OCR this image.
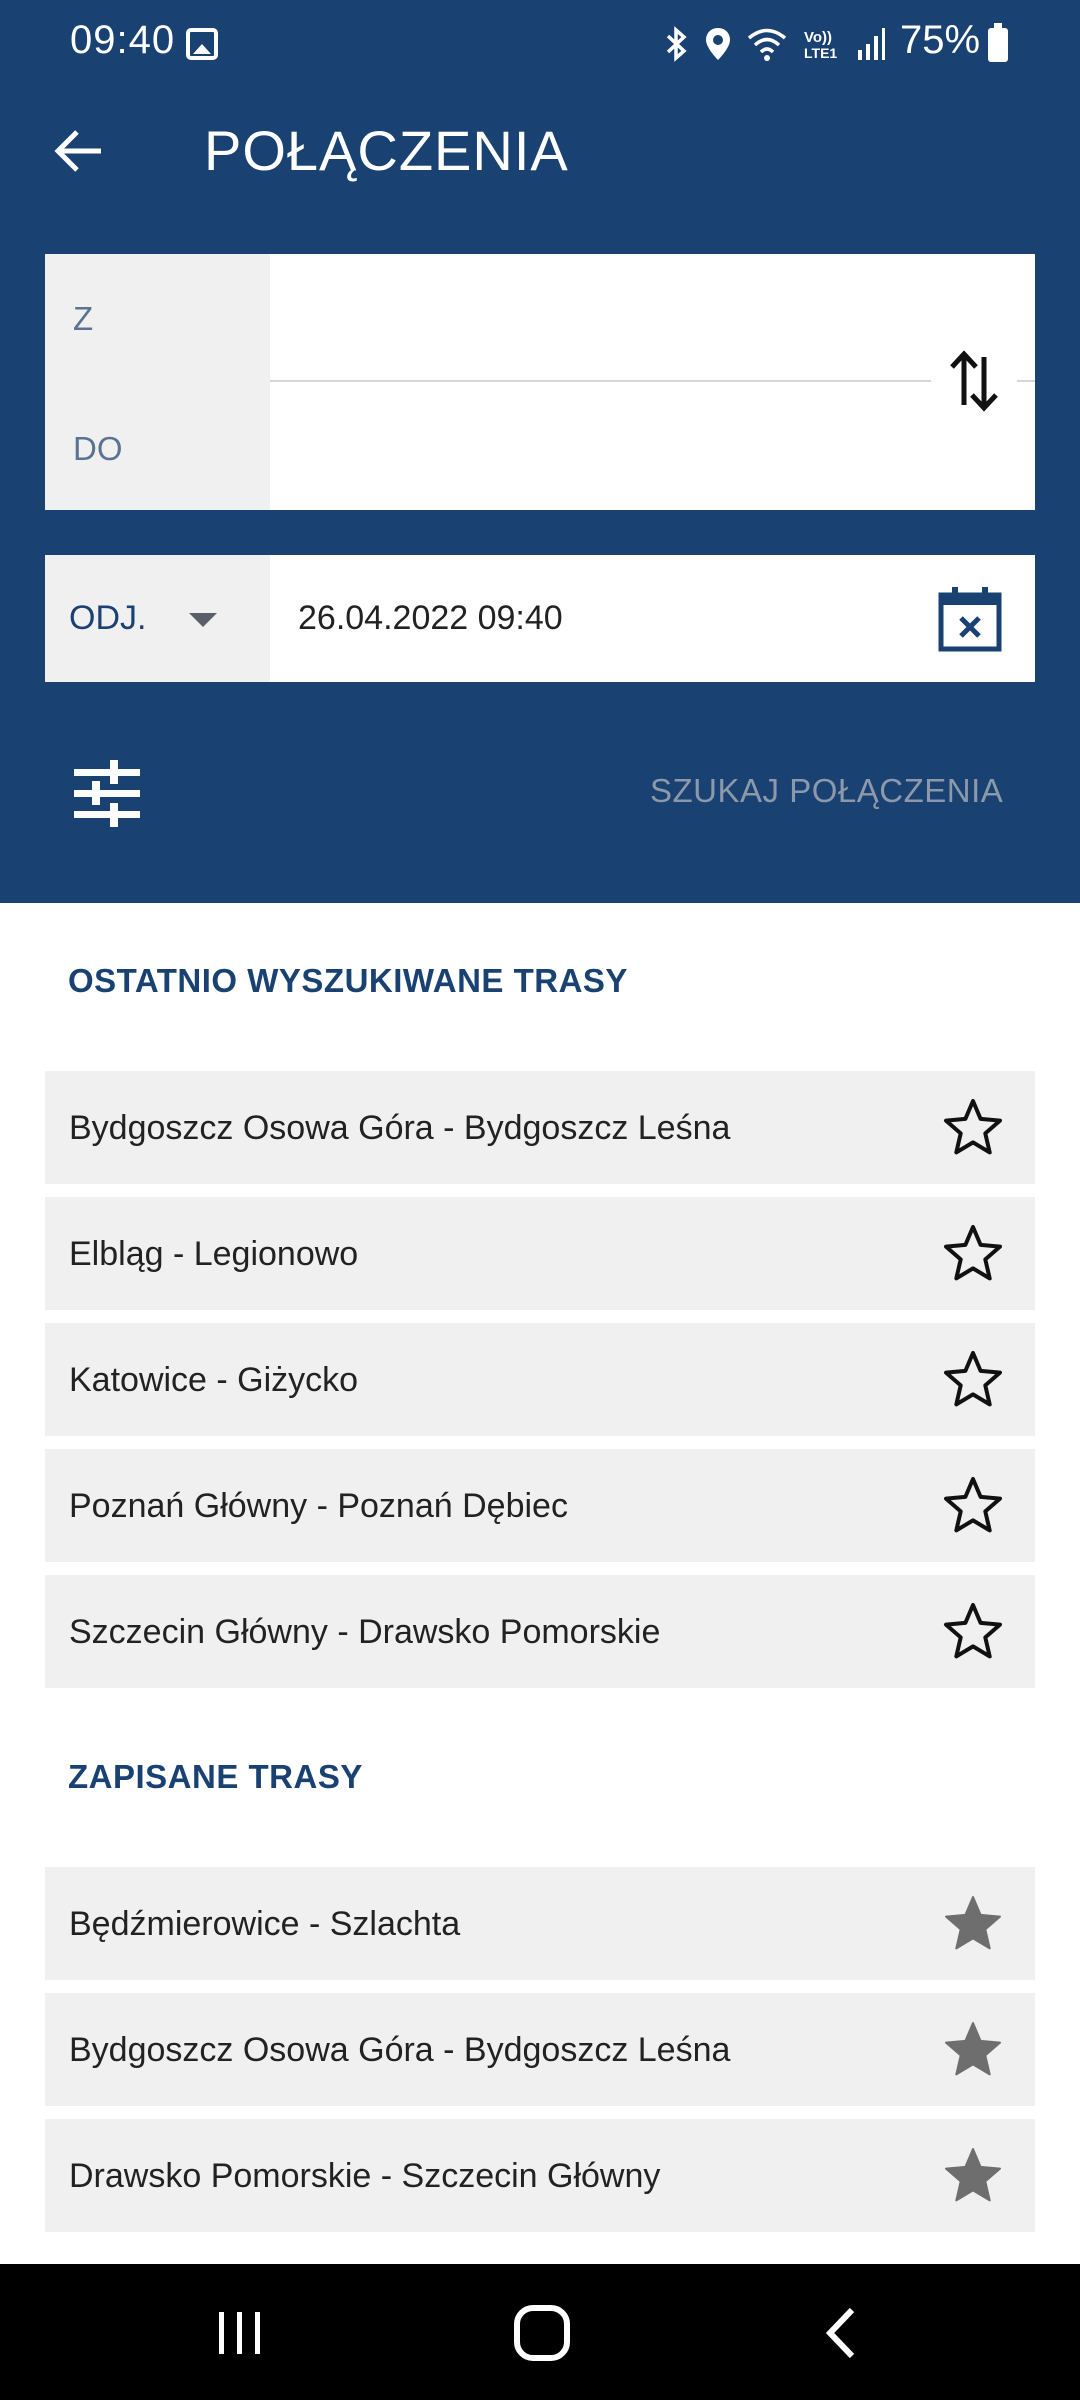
09:40	Vo))
LTE1 75%
POŁĄCZENIA
Z
DO
ODJ.	26.04.2022 09:40
SZUKAJ POŁĄCZENIA
OSTATNIO WYSZUKIWANE TRASY
Bydgoszcz Osowa Góra - Bydgoszcz Leśna
Elbląg - Legionowo
Katowice - Giżycko
Poznań Główny - Poznań Dębiec
Szczecin Główny - Drawsko Pomorskie
ZAPISANE TRASY
Będźmierowice - Szlachta
Bydgoszcz Osowa Góra - Bydgoszcz Leśna
Drawsko Pomorskie - Szczecin Główny
